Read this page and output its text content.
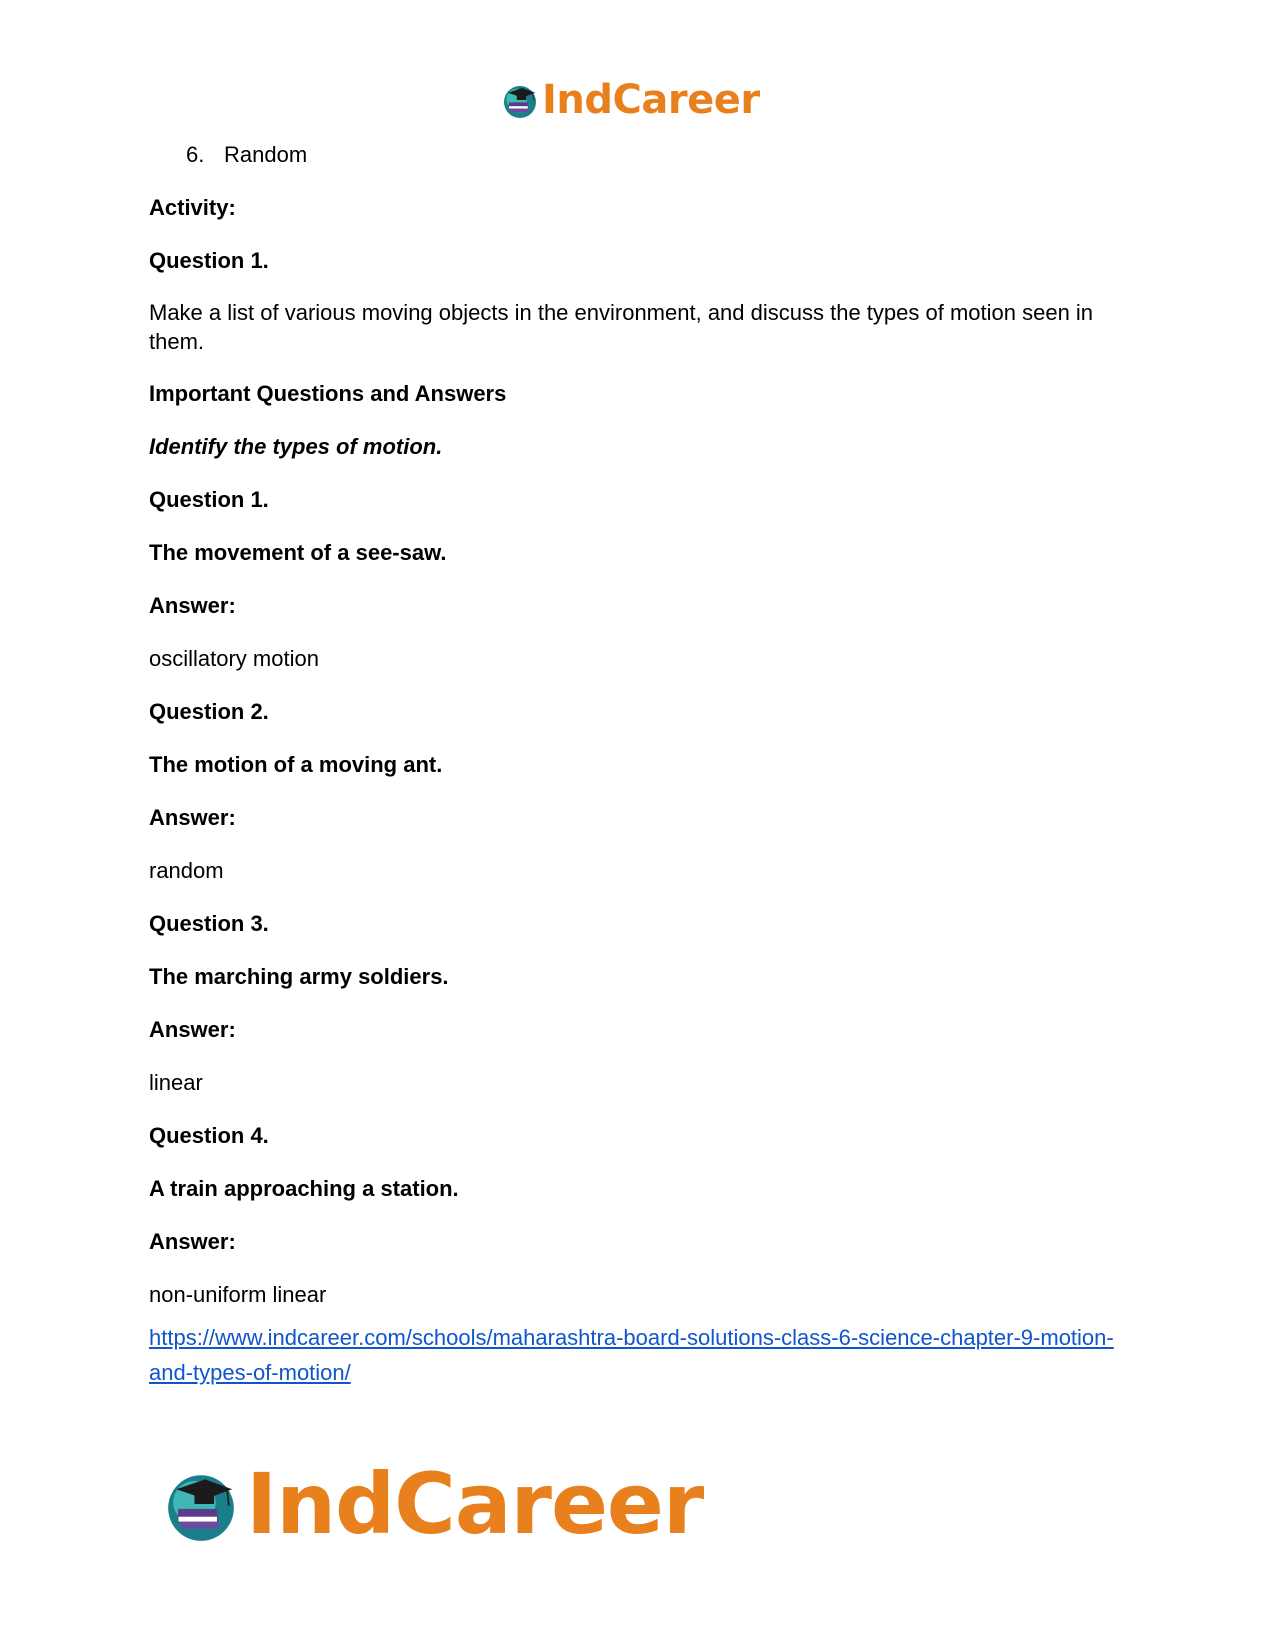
IndCareer
6. Random
Activity:
Question 1.
Make a list of various moving objects in the environment, and discuss the types of motion seen in them.
Important Questions and Answers
Identify the types of motion.
Question 1.
The movement of a see-saw.
Answer:
oscillatory motion
Question 2.
The motion of a moving ant.
Answer:
random
Question 3.
The marching army soldiers.
Answer:
linear
Question 4.
A train approaching a station.
Answer:
non-uniform linear
https://www.indcareer.com/schools/maharashtra-board-solutions-class-6-science-chapter-9-motion-and-types-of-motion/
IndCareer
